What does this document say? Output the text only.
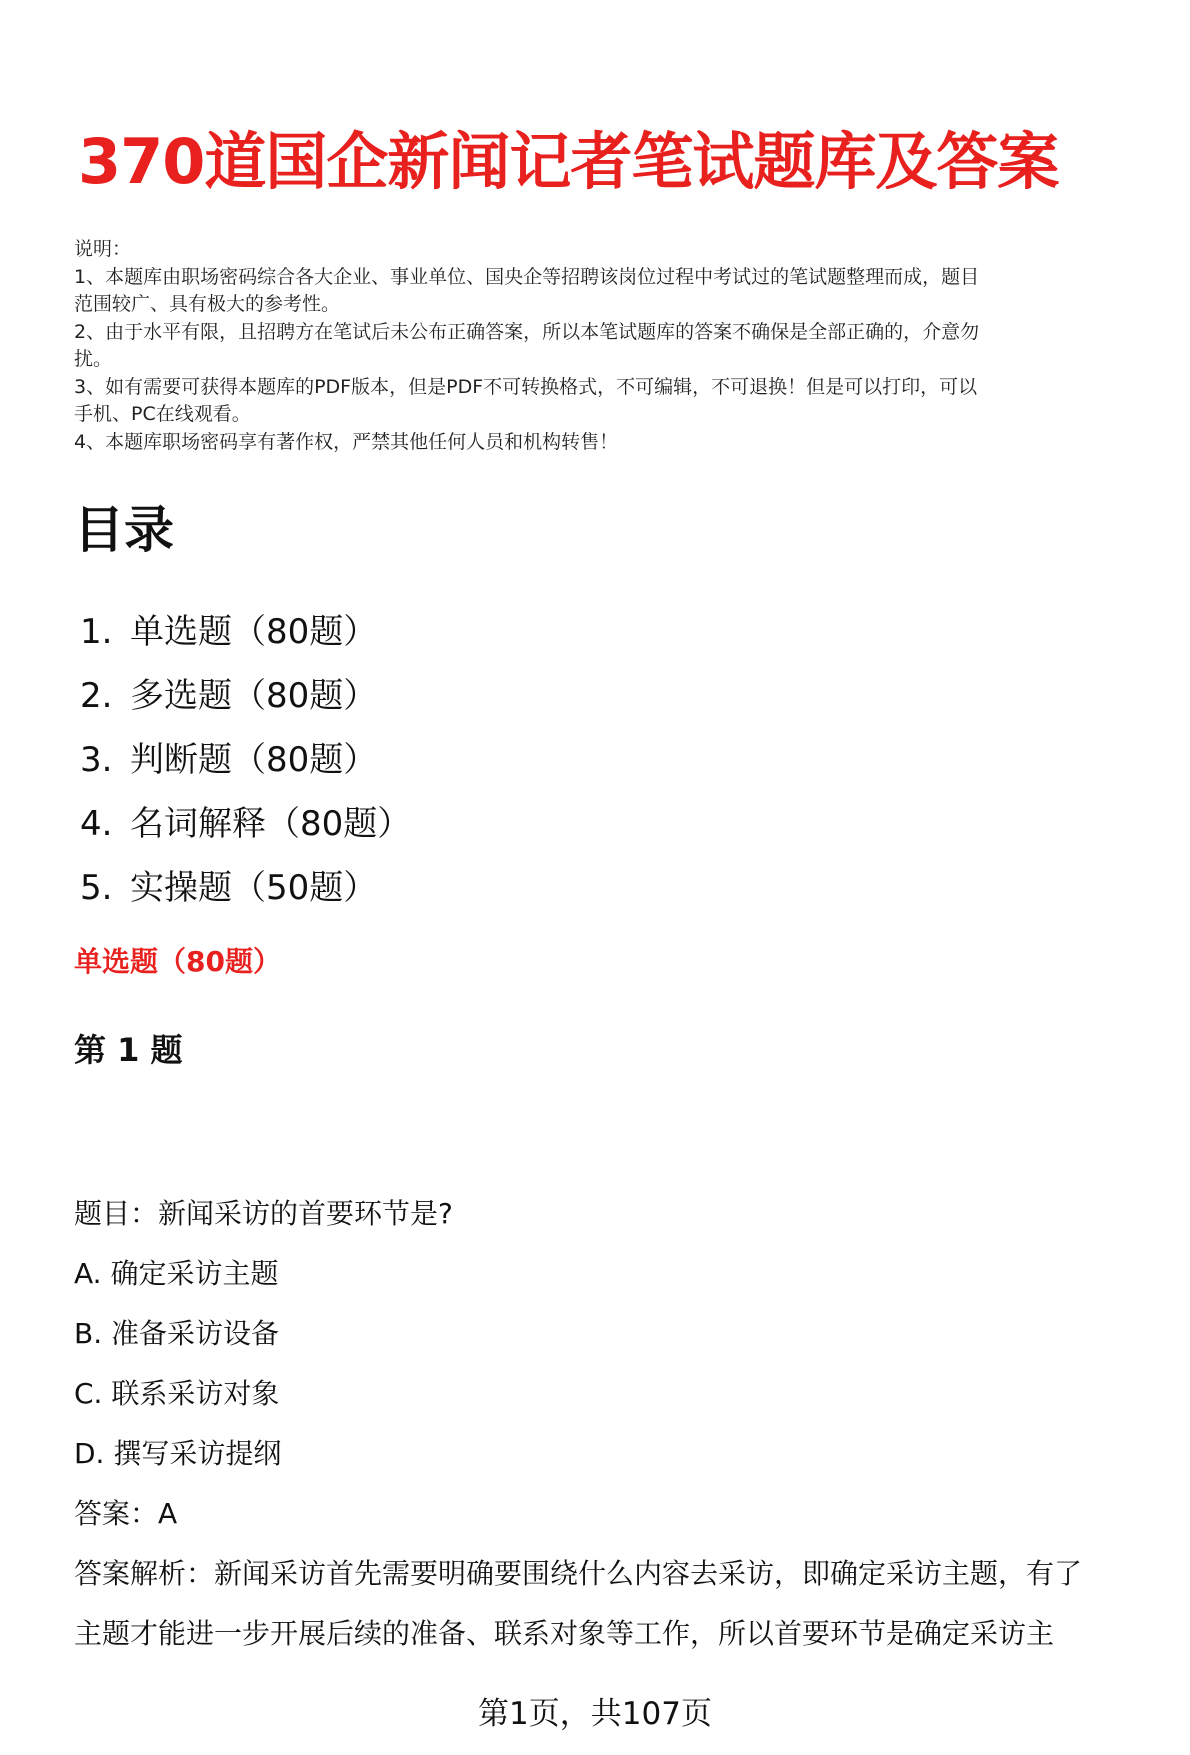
370道国企新闻记者笔试题库及答案
说明：
1、本题库由职场密码综合各大企业、事业单位、国央企等招聘该岗位过程中考试过的笔试题整理而成，题目
范围较广、具有极大的参考性。
2、由于水平有限，且招聘方在笔试后未公布正确答案，所以本笔试题库的答案不确保是全部正确的，介意勿
扰。
3、如有需要可获得本题库的PDF版本，但是PDF不可转换格式，不可编辑，不可退换！但是可以打印，可以
手机、PC在线观看。
4、本题库职场密码享有著作权，严禁其他任何人员和机构转售！
目录
1. 单选题（80题）
2. 多选题（80题）
3. 判断题（80题）
4. 名词解释（80题）
5. 实操题（50题）
单选题（80题）
第 1 题
题目：新闻采访的首要环节是?
A. 确定采访主题
B. 准备采访设备
C. 联系采访对象
D. 撰写采访提纲
答案：A
答案解析：新闻采访首先需要明确要围绕什么内容去采访，即确定采访主题，有了
主题才能进一步开展后续的准备、联系对象等工作，所以首要环节是确定采访主
第1页，共107页
